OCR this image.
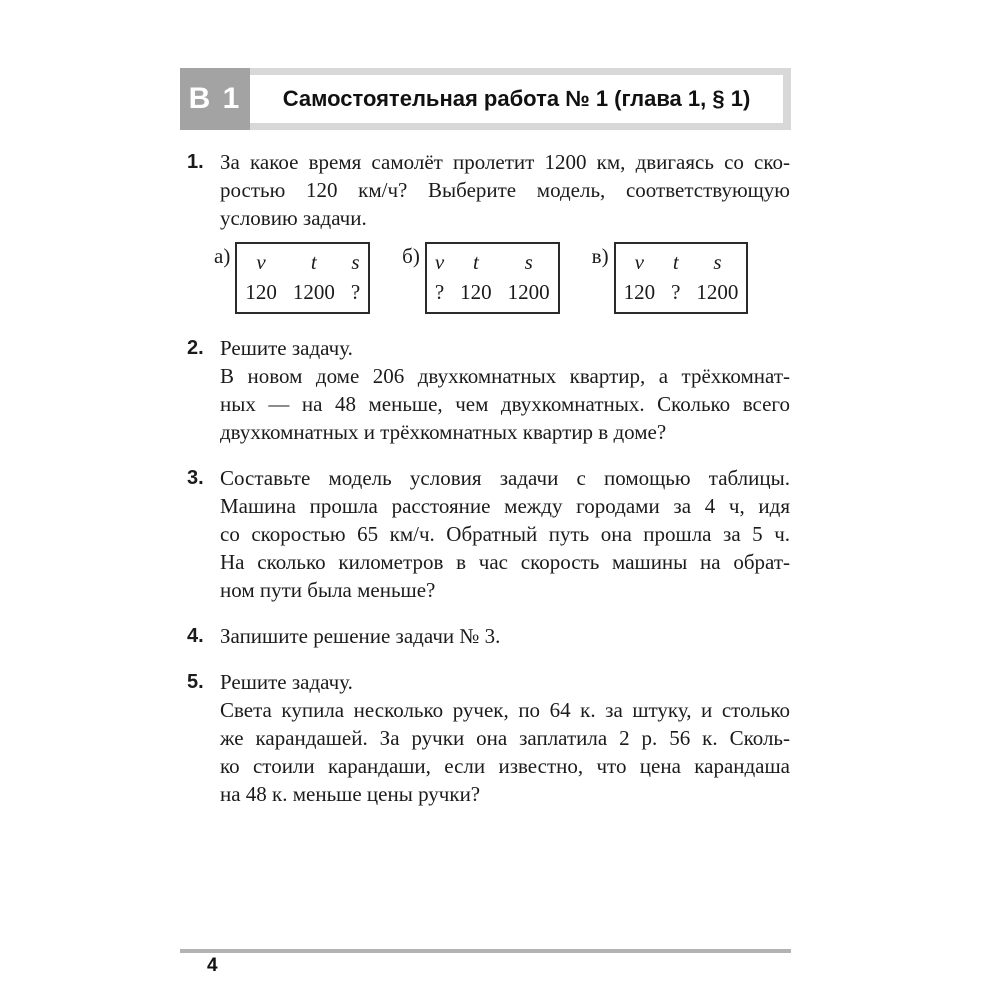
В 1	Самостоятельная работа № 1 (глава 1, § 1)
1. За какое время самолёт пролетит 1200 км, двигаясь со ско-
ростью 120 км/ч? Выберите модель, соответствующую
условию задачи.
а) v	t	s
120	1200	?
б) v	t	s
?	120	1200
в) v	t	s
120	?	1200
2. Решите задачу.
В новом доме 206 двухкомнатных квартир, а трёхкомнат-
ных — на 48 меньше, чем двухкомнатных. Сколько всего
двухкомнатных и трёхкомнатных квартир в доме?
3. Составьте модель условия задачи с помощью таблицы.
Машина прошла расстояние между городами за 4 ч, идя
со скоростью 65 км/ч. Обратный путь она прошла за 5 ч.
На сколько километров в час скорость машины на обрат-
ном пути была меньше?
4. Запишите решение задачи № 3.
5. Решите задачу.
Света купила несколько ручек, по 64 к. за штуку, и столько
же карандашей. За ручки она заплатила 2 р. 56 к. Сколь-
ко стоили карандаши, если известно, что цена карандаша
на 48 к. меньше цены ручки?
4
